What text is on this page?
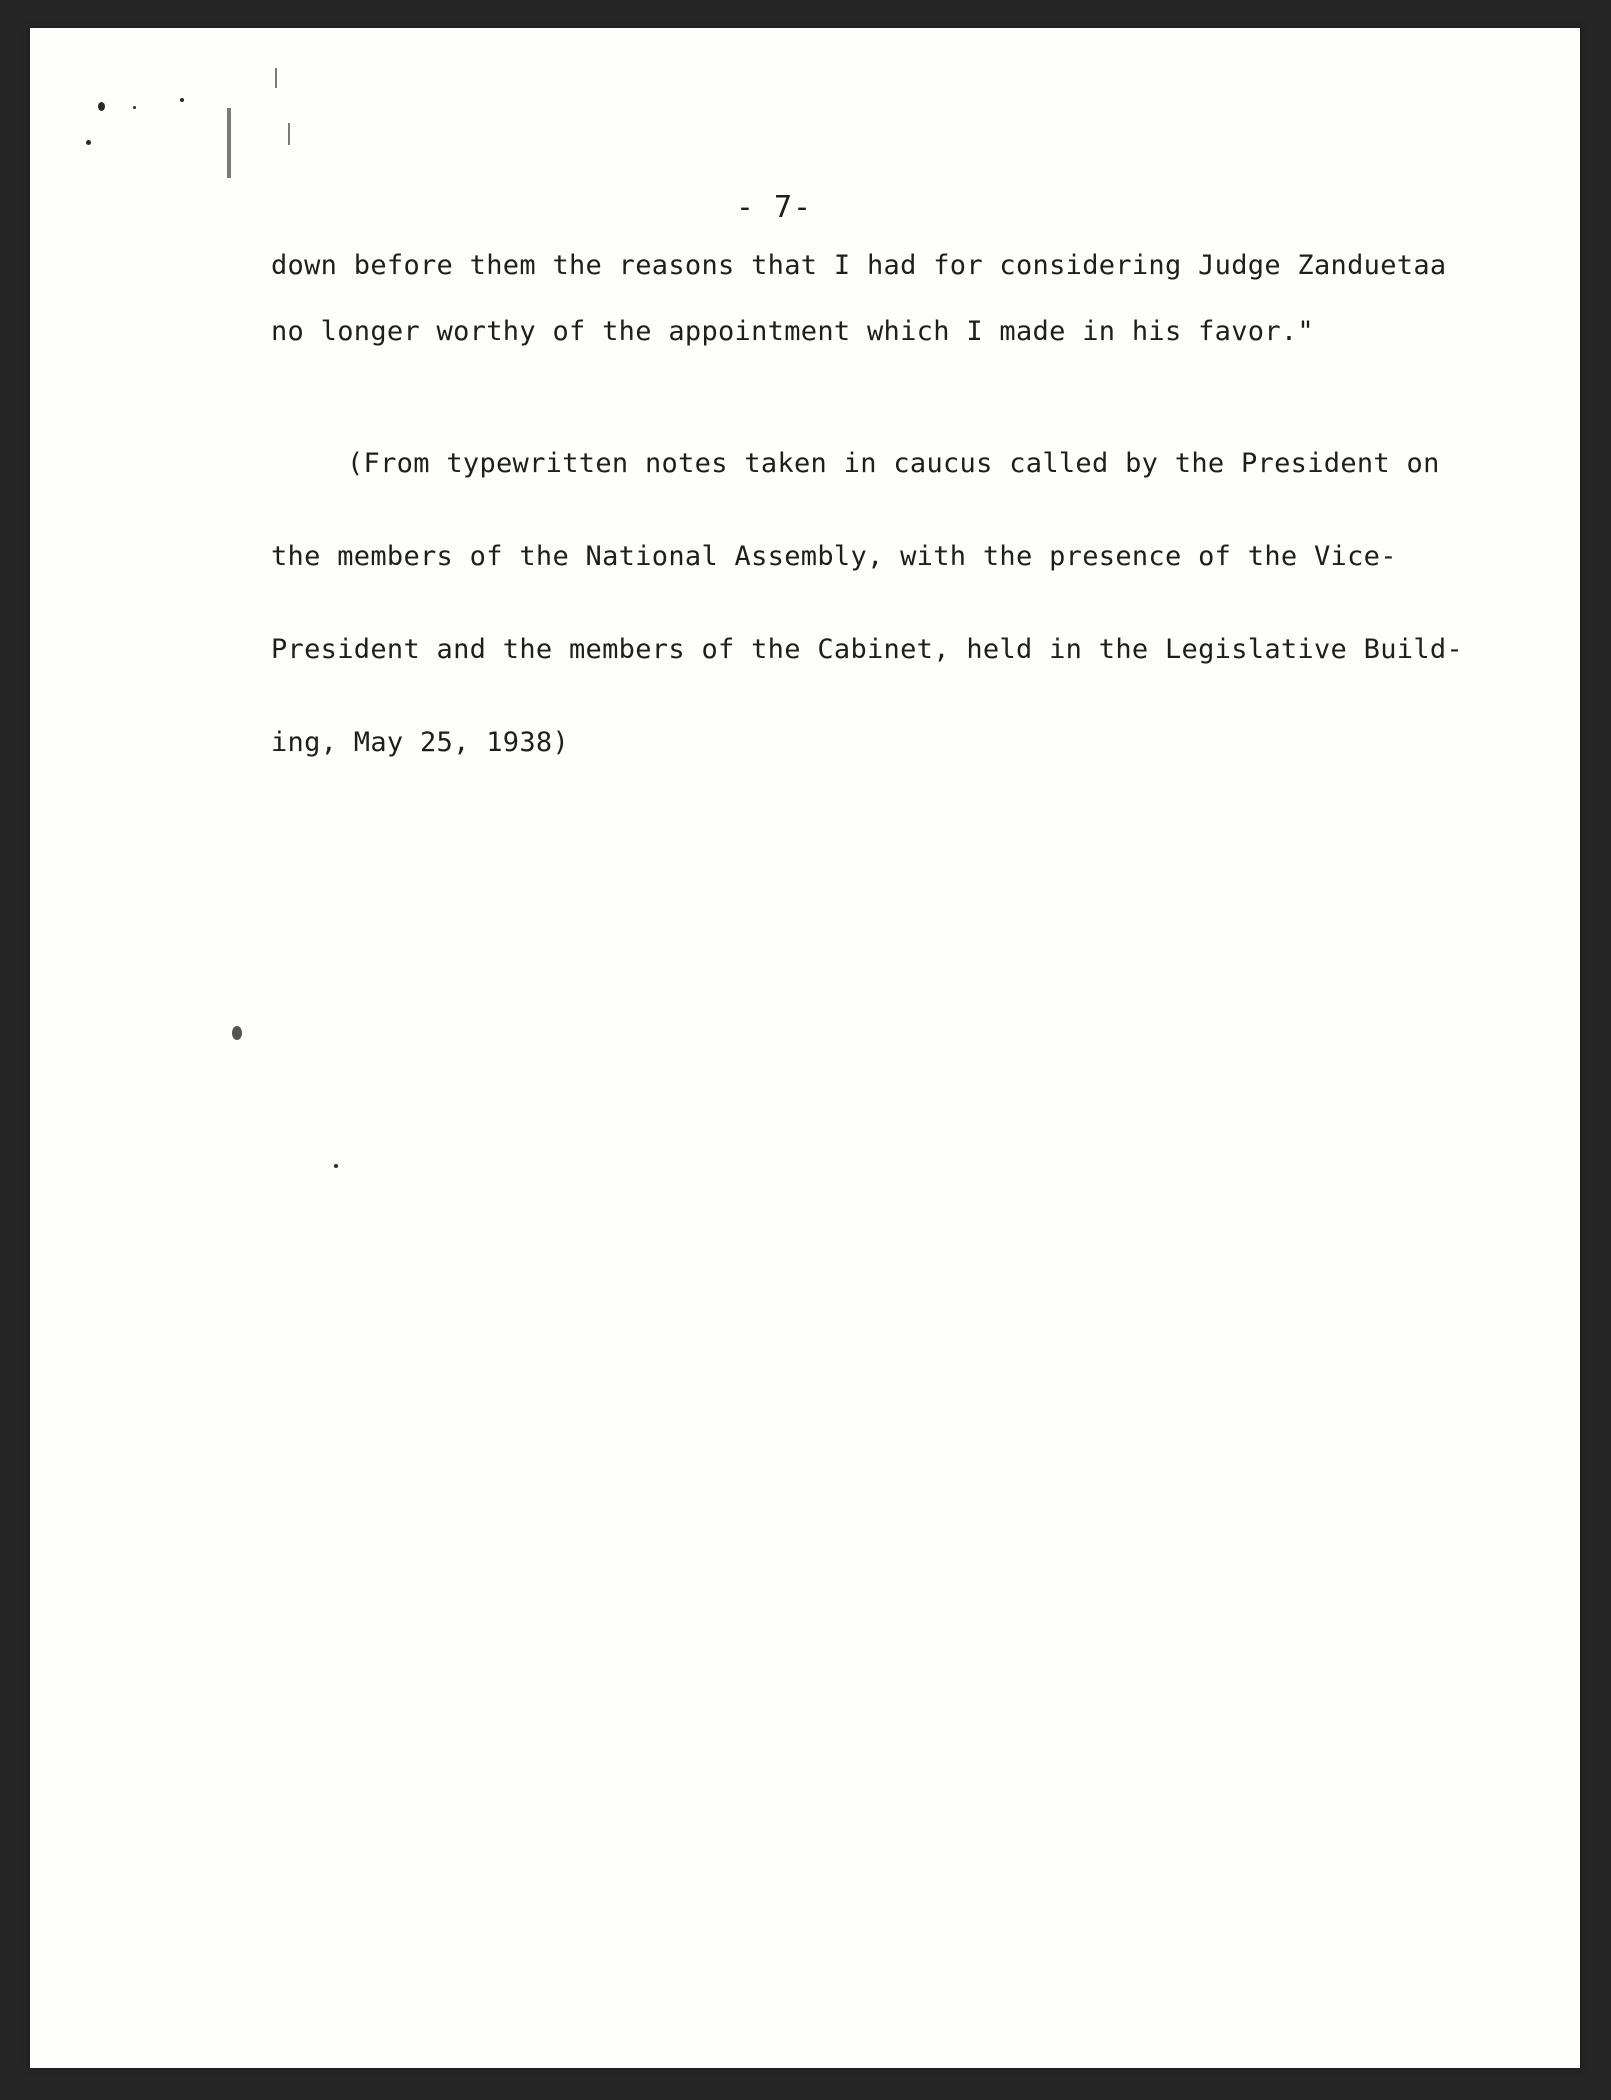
- 7-
down before them the reasons that I had for considering Judge Zanduetaa
no longer worthy of the appointment which I made in his favor."

(From typewritten notes taken in caucus called by the President on

the members of the National Assembly, with the presence of the Vice-

President and the members of the Cabinet, held in the Legislative Build-

ing, May 25, 1938)
